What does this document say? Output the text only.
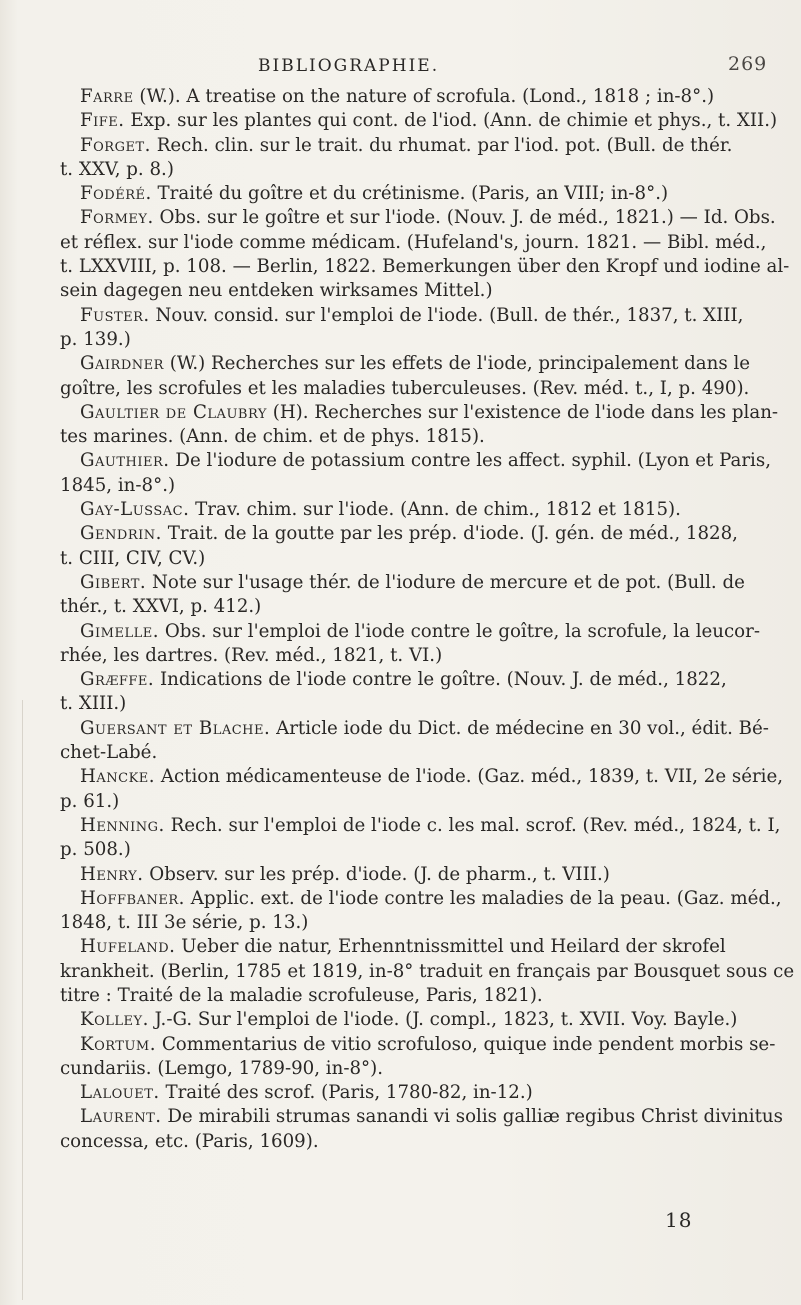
BIBLIOGRAPHIE.	269
Farre (W.). A treatise on the nature of scrofula. (Lond., 1818 ; in-8°.)
Fife. Exp. sur les plantes qui cont. de l'iod. (Ann. de chimie et phys., t. XII.)
Forget. Rech. clin. sur le trait. du rhumat. par l'iod. pot. (Bull. de thér.
t. XXV, p. 8.)
Fodéré. Traité du goître et du crétinisme. (Paris, an VIII; in-8°.)
Formey. Obs. sur le goître et sur l'iode. (Nouv. J. de méd., 1821.) — Id. Obs.
et réflex. sur l'iode comme médicam. (Hufeland's, journ. 1821. — Bibl. méd.,
t. LXXVIII, p. 108. — Berlin, 1822. Bemerkungen über den Kropf und iodine al-
sein dagegen neu entdeken wirksames Mittel.)
Fuster. Nouv. consid. sur l'emploi de l'iode. (Bull. de thér., 1837, t. XIII,
p. 139.)
Gairdner (W.) Recherches sur les effets de l'iode, principalement dans le
goître, les scrofules et les maladies tuberculeuses. (Rev. méd. t., I, p. 490).
Gaultier de Claubry (H). Recherches sur l'existence de l'iode dans les plan-
tes marines. (Ann. de chim. et de phys. 1815).
Gauthier. De l'iodure de potassium contre les affect. syphil. (Lyon et Paris,
1845, in-8°.)
Gay-Lussac. Trav. chim. sur l'iode. (Ann. de chim., 1812 et 1815).
Gendrin. Trait. de la goutte par les prép. d'iode. (J. gén. de méd., 1828,
t. CIII, CIV, CV.)
Gibert. Note sur l'usage thér. de l'iodure de mercure et de pot. (Bull. de
thér., t. XXVI, p. 412.)
Gimelle. Obs. sur l'emploi de l'iode contre le goître, la scrofule, la leucor-
rhée, les dartres. (Rev. méd., 1821, t. VI.)
Græffe. Indications de l'iode contre le goître. (Nouv. J. de méd., 1822,
t. XIII.)
Guersant et Blache. Article iode du Dict. de médecine en 30 vol., édit. Bé-
chet-Labé.
Hancke. Action médicamenteuse de l'iode. (Gaz. méd., 1839, t. VII, 2e série,
p. 61.)
Henning. Rech. sur l'emploi de l'iode c. les mal. scrof. (Rev. méd., 1824, t. I,
p. 508.)
Henry. Observ. sur les prép. d'iode. (J. de pharm., t. VIII.)
Hoffbaner. Applic. ext. de l'iode contre les maladies de la peau. (Gaz. méd.,
1848, t. III 3e série, p. 13.)
Hufeland. Ueber die natur, Erhenntnissmittel und Heilard der skrofel
krankheit. (Berlin, 1785 et 1819, in-8° traduit en français par Bousquet sous ce
titre : Traité de la maladie scrofuleuse, Paris, 1821).
Kolley. J.-G. Sur l'emploi de l'iode. (J. compl., 1823, t. XVII. Voy. Bayle.)
Kortum. Commentarius de vitio scrofuloso, quique inde pendent morbis se-
cundariis. (Lemgo, 1789-90, in-8°).
Lalouet. Traité des scrof. (Paris, 1780-82, in-12.)
Laurent. De mirabili strumas sanandi vi solis galliæ regibus Christ divinitus
concessa, etc. (Paris, 1609).
18
